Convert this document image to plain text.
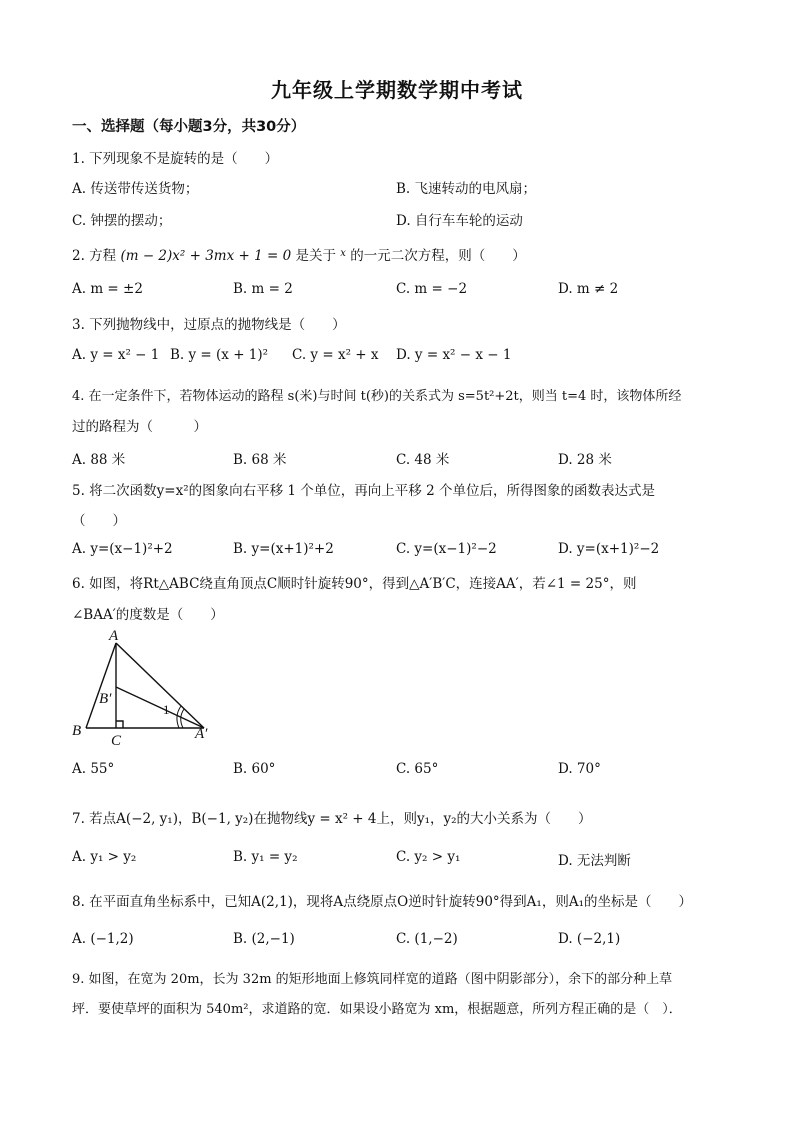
九年级上学期数学期中考试
一、选择题（每小题3分，共30分）
1. 下列现象不是旋转的是（　　）
A. 传送带传送货物；	B. 飞速转动的电风扇；
C. 钟摆的摆动；	D. 自行车车轮的运动
2. 方程 (m − 2)x² + 3mx + 1 = 0 是关于 $^x$ 的一元二次方程，则（　　）
A. m = ±2	B. m = 2	C. m = −2	D. m ≠ 2
3. 下列抛物线中，过原点的抛物线是（　　）
A. y = x² − 1 B. y = (x + 1)² C. y = x² + x D. y = x² − x − 1
4. 在一定条件下，若物体运动的路程 s(米)与时间 t(秒)的关系式为 s=5t²+2t，则当 t=4 时，该物体所经
过的路程为（　　　）
A. 88 米	B. 68 米	C. 48 米	D. 28 米
5. 将二次函数y=x²的图象向右平移 1 个单位，再向上平移 2 个单位后，所得图象的函数表达式是
（　　）
A. y=(x−1)²+2	B. y=(x+1)²+2	C. y=(x−1)²−2	D. y=(x+1)²−2
6. 如图，将Rt△ABC绕直角顶点C顺时针旋转90°，得到△A′B′C，连接AA′，若∠1 = 25°，则
∠BAA′的度数是（　　）
A
B
C
B′
A′
1
A. 55°	B. 60°	C. 65°	D. 70°
7. 若点A(−2, y₁)，B(−1, y₂)在抛物线y = x² + 4上，则y₁，y₂的大小关系为（　　）
A. y₁ > y₂	B. y₁ = y₂	C. y₂ > y₁	D. 无法判断
8. 在平面直角坐标系中，已知A(2,1)，现将A点绕原点O逆时针旋转90°得到A₁，则A₁的坐标是（　　）
A. (−1,2)	B. (2,−1)	C. (1,−2)	D. (−2,1)
9. 如图，在宽为 20m，长为 32m 的矩形地面上修筑同样宽的道路（图中阴影部分），余下的部分种上草
坪．要使草坪的面积为 540m²，求道路的宽．如果设小路宽为 xm，根据题意，所列方程正确的是（　）．
